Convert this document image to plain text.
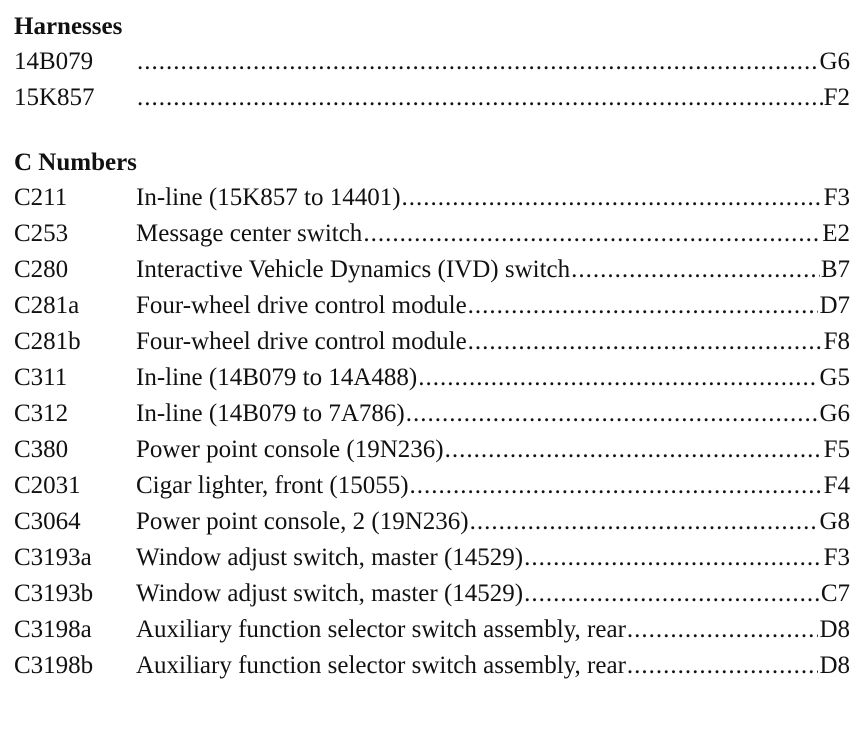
Harnesses
14B079 .....	G6
15K857 .....	F2
C Numbers
C211	In-line (15K857 to 14401) .....	F3
C253	Message center switch .....	E2
C280	Interactive Vehicle Dynamics (IVD) switch .....	B7
C281a	Four-wheel drive control module .....	D7
C281b	Four-wheel drive control module .....	F8
C311	In-line (14B079 to 14A488) .....	G5
C312	In-line (14B079 to 7A786) .....	G6
C380	Power point console (19N236) .....	F5
C2031	Cigar lighter, front (15055) .....	F4
C3064	Power point console, 2 (19N236) .....	G8
C3193a	Window adjust switch, master (14529) .....	F3
C3193b	Window adjust switch, master (14529) .....	C7
C3198a	Auxiliary function selector switch assembly, rear .....	D8
C3198b	Auxiliary function selector switch assembly, rear .....	D8
